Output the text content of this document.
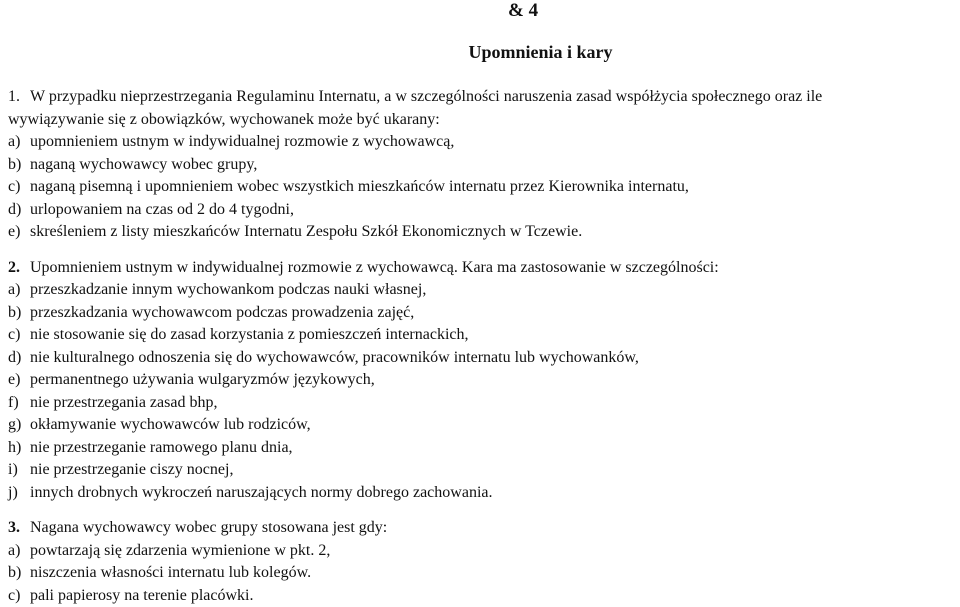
& 4
Upomnienia i kary
1. W przypadku nieprzestrzegania Regulaminu Internatu, a w szczególności naruszenia zasad współżycia społecznego oraz ile
wywiązywanie się z obowiązków, wychowanek może być ukarany:
a) upomnieniem ustnym w indywidualnej rozmowie z wychowawcą,
b) naganą wychowawcy wobec grupy,
c) naganą pisemną i upomnieniem wobec wszystkich mieszkańców internatu przez Kierownika internatu,
d) urlopowaniem na czas od 2 do 4 tygodni,
e) skreśleniem z listy mieszkańców Internatu Zespołu Szkół Ekonomicznych w Tczewie.
2. Upomnieniem ustnym w indywidualnej rozmowie z wychowawcą. Kara ma zastosowanie w szczególności:
a) przeszkadzanie innym wychowankom podczas nauki własnej,
b) przeszkadzania wychowawcom podczas prowadzenia zajęć,
c) nie stosowanie się do zasad korzystania z pomieszczeń internackich,
d) nie kulturalnego odnoszenia się do wychowawców, pracowników internatu lub wychowanków,
e) permanentnego używania wulgaryzmów językowych,
f) nie przestrzegania zasad bhp,
g) okłamywanie wychowawców lub rodziców,
h) nie przestrzeganie ramowego planu dnia,
i) nie przestrzeganie ciszy nocnej,
j) innych drobnych wykroczeń naruszających normy dobrego zachowania.
3. Nagana wychowawcy wobec grupy stosowana jest gdy:
a) powtarzają się zdarzenia wymienione w pkt. 2,
b) niszczenia własności internatu lub kolegów.
c) pali papierosy na terenie placówki.
